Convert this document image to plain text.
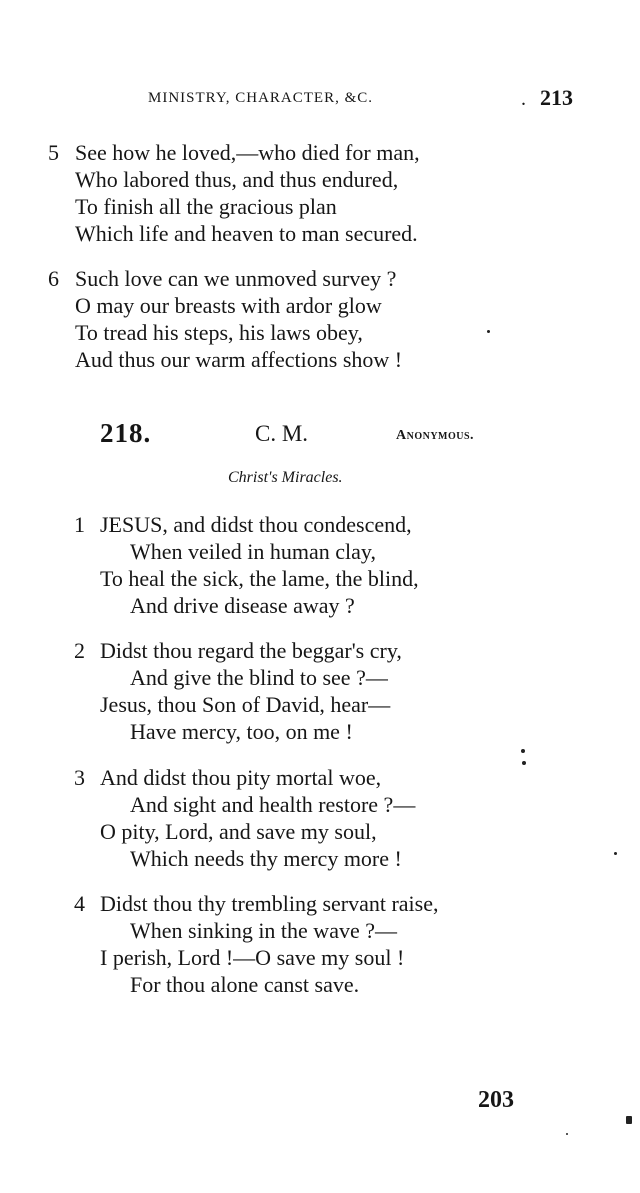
MINISTRY, CHARACTER, &C.	. 213
5 See how he loved,—who died for man,
Who labored thus, and thus endured,
To finish all the gracious plan
Which life and heaven to man secured.
6 Such love can we unmoved survey ?
O may our breasts with ardor glow
To tread his steps, his laws obey,
Aud thus our warm affections show !
218.	C. M.	Anonymous.
Christ's Miracles.
1 JESUS, and didst thou condescend,
When veiled in human clay,
To heal the sick, the lame, the blind,
And drive disease away ?
2 Didst thou regard the beggar's cry,
And give the blind to see ?—
Jesus, thou Son of David, hear—
Have mercy, too, on me !
3 And didst thou pity mortal woe,
And sight and health restore ?—
O pity, Lord, and save my soul,
Which needs thy mercy more !
4 Didst thou thy trembling servant raise,
When sinking in the wave ?—
I perish, Lord !—O save my soul !
For thou alone canst save.
203
